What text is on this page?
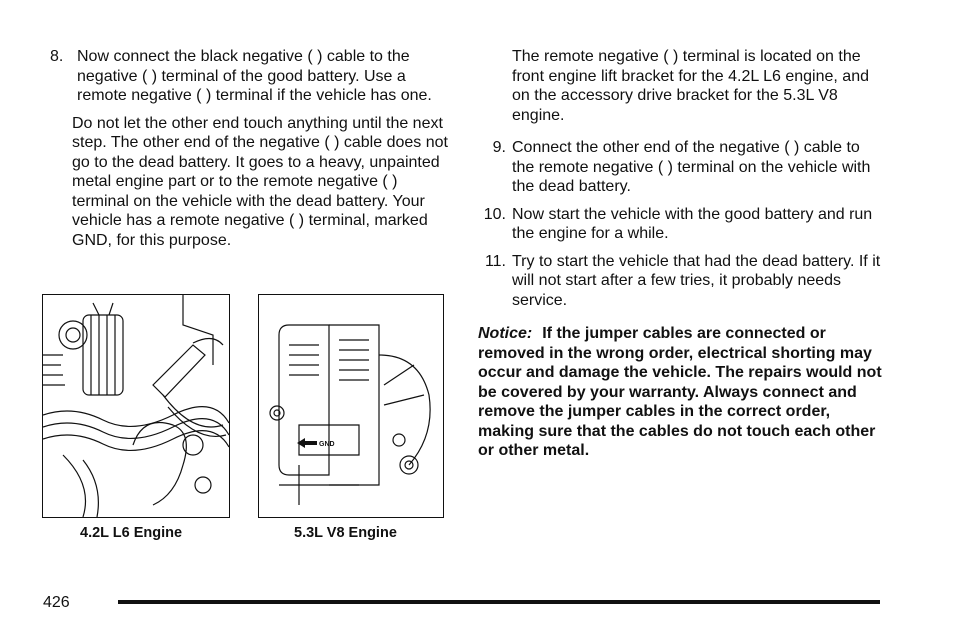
8. Now connect the black negative ( ) cable to the negative ( ) terminal of the good battery. Use a remote negative ( ) terminal if the vehicle has one.

Do not let the other end touch anything until the next step. The other end of the negative ( ) cable does not go to the dead battery. It goes to a heavy, unpainted metal engine part or to the remote negative ( ) terminal on the vehicle with the dead battery. Your vehicle has a remote negative ( ) terminal, marked GND, for this purpose.

GND
4.2L L6 Engine	5.3L V8 Engine

The remote negative ( ) terminal is located on the front engine lift bracket for the 4.2L L6 engine, and on the accessory drive bracket for the 5.3L V8 engine.

9. Connect the other end of the negative ( ) cable to the remote negative ( ) terminal on the vehicle with the dead battery.
10. Now start the vehicle with the good battery and run the engine for a while.
11. Try to start the vehicle that had the dead battery. If it will not start after a few tries, it probably needs service.
Notice: If the jumper cables are connected or removed in the wrong order, electrical shorting may occur and damage the vehicle. The repairs would not be covered by your warranty. Always connect and remove the jumper cables in the correct order, making sure that the cables do not touch each other or other metal.
426
